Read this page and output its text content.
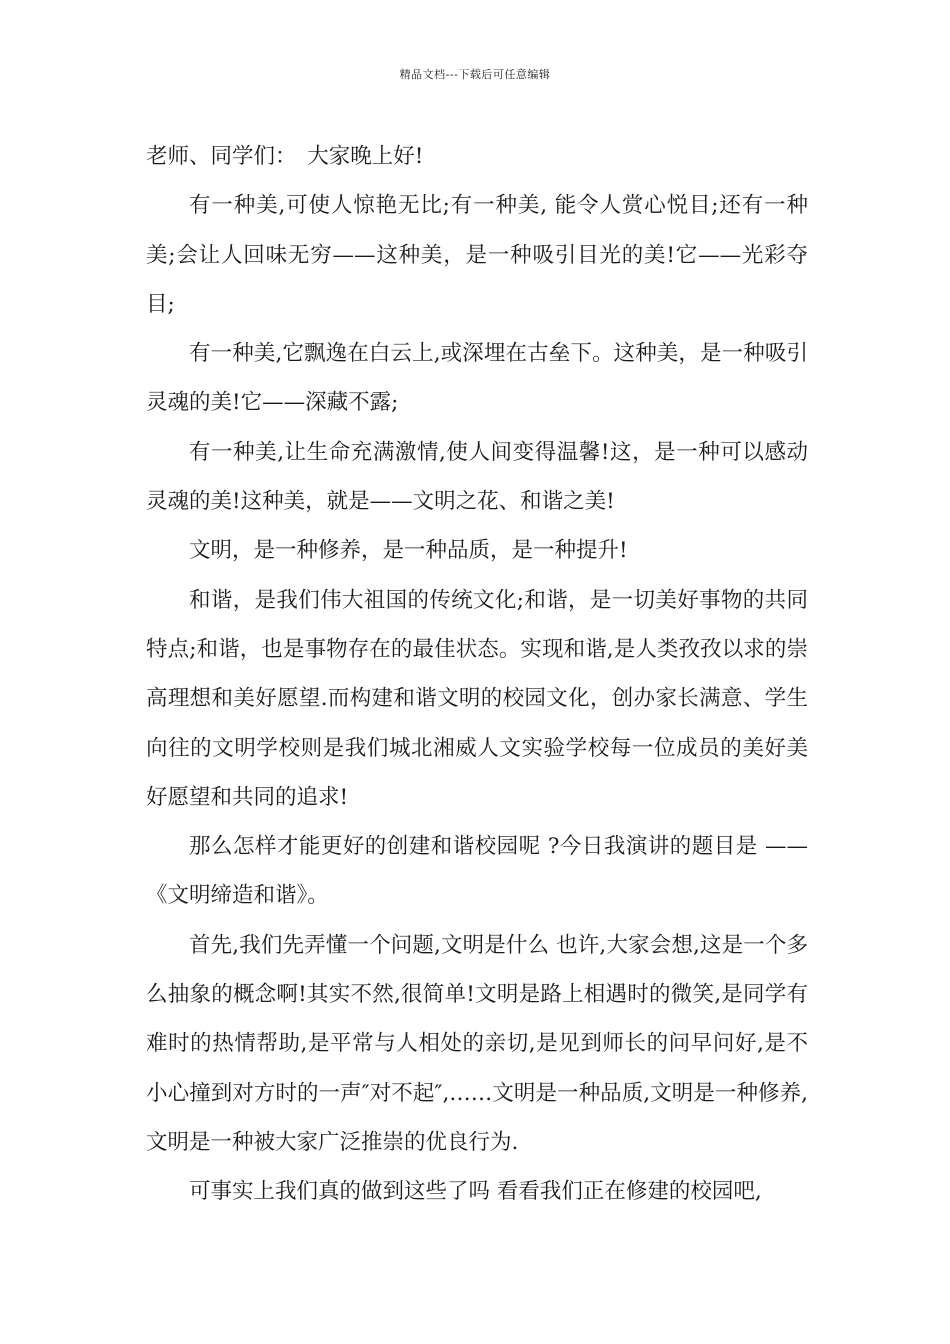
精品文档---下载后可任意编辑

老师、同学们：　大家晚上好!

有一种美,可使人惊艳无比;有一种美, 能令人赏心悦目;还有一种美;会让人回味无穷——这种美，是一种吸引目光的美!它——光彩夺目;

有一种美,它飘逸在白云上,或深埋在古垒下。这种美，是一种吸引灵魂的美!它——深藏不露;

有一种美,让生命充满激情,使人间变得温馨!这，是一种可以感动灵魂的美!这种美，就是——文明之花、和谐之美!

文明，是一种修养，是一种品质，是一种提升!

和谐，是我们伟大祖国的传统文化;和谐，是一切美好事物的共同特点;和谐，也是事物存在的最佳状态。实现和谐,是人类孜孜以求的崇高理想和美好愿望.而构建和谐文明的校园文化，创办家长满意、学生向往的文明学校则是我们城北湘威人文实验学校每一位成员的美好美好愿望和共同的追求!

那么怎样才能更好的创建和谐校园呢 ?今日我演讲的题目是 ——《文明缔造和谐》。

首先,我们先弄懂一个问题,文明是什么 也许,大家会想,这是一个多么抽象的概念啊!其实不然,很简单!文明是路上相遇时的微笑,是同学有难时的热情帮助,是平常与人相处的亲切,是见到师长的问早问好,是不小心撞到对方时的一声″对不起″,……文明是一种品质,文明是一种修养,文明是一种被大家广泛推崇的优良行为.

可事实上我们真的做到这些了吗 看看我们正在修建的校园吧,
